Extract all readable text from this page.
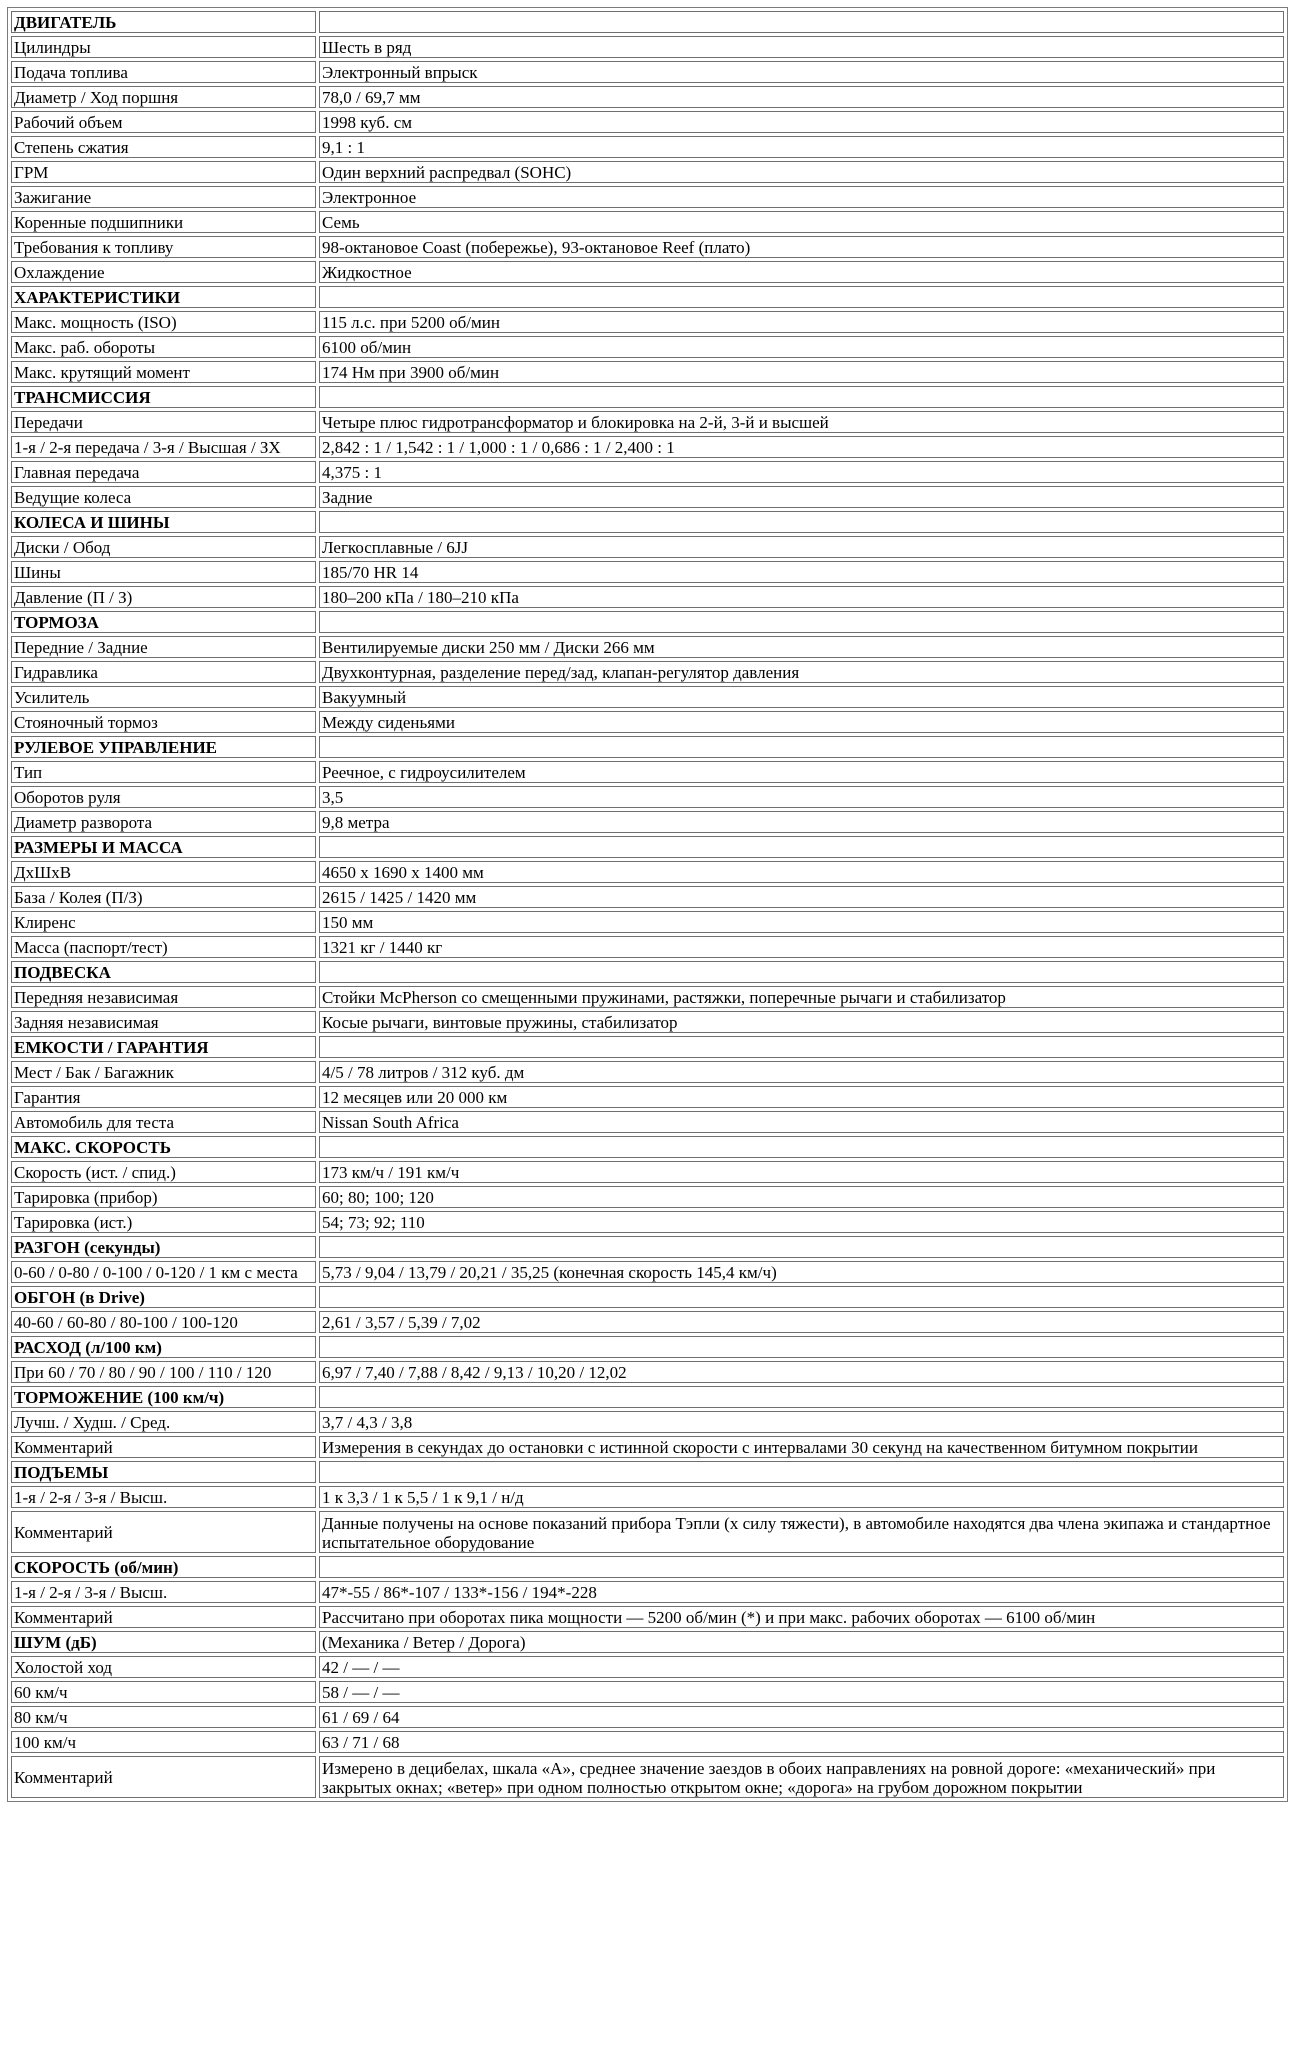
ДВИГАТЕЛЬ	
Цилиндры	Шесть в ряд
Подача топлива	Электронный впрыск
Диаметр / Ход поршня	78,0 / 69,7 мм
Рабочий объем	1998 куб. см
Степень сжатия	9,1 : 1
ГРМ	Один верхний распредвал (SOHC)
Зажигание	Электронное
Коренные подшипники	Семь
Требования к топливу	98-октановое Coast (побережье), 93-октановое Reef (плато)
Охлаждение	Жидкостное
ХАРАКТЕРИСТИКИ	
Макс. мощность (ISO)	115 л.с. при 5200 об/мин
Макс. раб. обороты	6100 об/мин
Макс. крутящий момент	174 Нм при 3900 об/мин
ТРАНСМИССИЯ	
Передачи	Четыре плюс гидротрансформатор и блокировка на 2-й, 3-й и высшей
1-я / 2-я передача / 3-я / Высшая / ЗХ	2,842 : 1 / 1,542 : 1 / 1,000 : 1 / 0,686 : 1 / 2,400 : 1
Главная передача	4,375 : 1
Ведущие колеса	Задние
КОЛЕСА И ШИНЫ	
Диски / Обод	Легкосплавные / 6JJ
Шины	185/70 HR 14
Давление (П / З)	180–200 кПа / 180–210 кПа
ТОРМОЗА	
Передние / Задние	Вентилируемые диски 250 мм / Диски 266 мм
Гидравлика	Двухконтурная, разделение перед/зад, клапан-регулятор давления
Усилитель	Вакуумный
Стояночный тормоз	Между сиденьями
РУЛЕВОЕ УПРАВЛЕНИЕ	
Тип	Реечное, с гидроусилителем
Оборотов руля	3,5
Диаметр разворота	9,8 метра
РАЗМЕРЫ И МАССА	
ДхШхВ	4650 x 1690 x 1400 мм
База / Колея (П/З)	2615 / 1425 / 1420 мм
Клиренс	150 мм
Масса (паспорт/тест)	1321 кг / 1440 кг
ПОДВЕСКА	
Передняя независимая	Стойки McPherson со смещенными пружинами, растяжки, поперечные рычаги и стабилизатор
Задняя независимая	Косые рычаги, винтовые пружины, стабилизатор
ЕМКОСТИ / ГАРАНТИЯ	
Мест / Бак / Багажник	4/5 / 78 литров / 312 куб. дм
Гарантия	12 месяцев или 20 000 км
Автомобиль для теста	Nissan South Africa
МАКС. СКОРОСТЬ	
Скорость (ист. / спид.)	173 км/ч / 191 км/ч
Тарировка (прибор)	60; 80; 100; 120
Тарировка (ист.)	54; 73; 92; 110
РАЗГОН (секунды)	
0-60 / 0-80 / 0-100 / 0-120 / 1 км с места	5,73 / 9,04 / 13,79 / 20,21 / 35,25 (конечная скорость 145,4 км/ч)
ОБГОН (в Drive)	
40-60 / 60-80 / 80-100 / 100-120	2,61 / 3,57 / 5,39 / 7,02
РАСХОД (л/100 км)	
При 60 / 70 / 80 / 90 / 100 / 110 / 120	6,97 / 7,40 / 7,88 / 8,42 / 9,13 / 10,20 / 12,02
ТОРМОЖЕНИЕ (100 км/ч)	
Лучш. / Худш. / Сред.	3,7 / 4,3 / 3,8
Комментарий	Измерения в секундах до остановки с истинной скорости с интервалами 30 секунд на качественном битумном покрытии
ПОДЪЕМЫ	
1-я / 2-я / 3-я / Высш.	1 к 3,3 / 1 к 5,5 / 1 к 9,1 / н/д
Комментарий	Данные получены на основе показаний прибора Тэпли (х силу тяжести), в автомобиле находятся два члена экипажа и стандартное испытательное оборудование
СКОРОСТЬ (об/мин)	
1-я / 2-я / 3-я / Высш.	47*-55 / 86*-107 / 133*-156 / 194*-228
Комментарий	Рассчитано при оборотах пика мощности — 5200 об/мин (*) и при макс. рабочих оборотах — 6100 об/мин
ШУМ (дБ)	(Механика / Ветер / Дорога)
Холостой ход	42 / — / —
60 км/ч	58 / — / —
80 км/ч	61 / 69 / 64
100 км/ч	63 / 71 / 68
Комментарий	Измерено в децибелах, шкала «А», среднее значение заездов в обоих направлениях на ровной дороге: «механический» при закрытых окнах; «ветер» при одном полностью открытом окне; «дорога» на грубом дорожном покрытии
